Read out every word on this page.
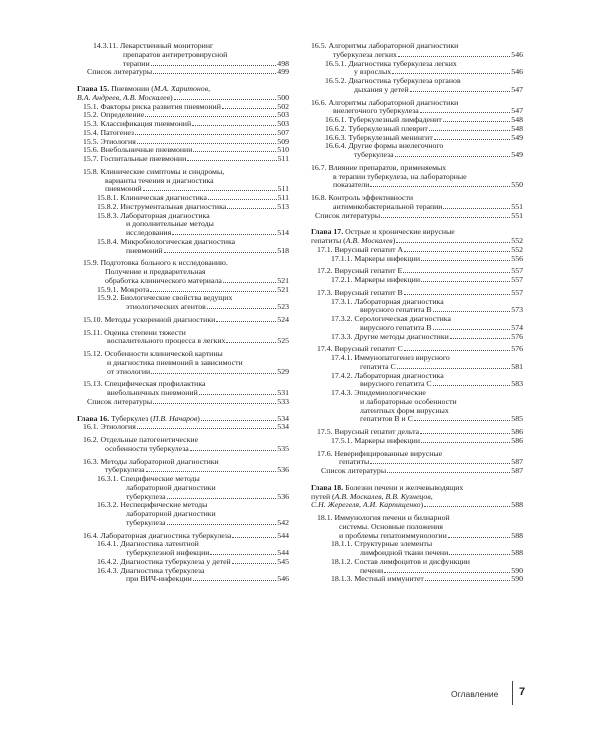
14.3.11. Лекарственный мониторинг
препаратов антиретровирусной
терапии	498
Список литературы	499
Глава 15. Пневмонии (М.А. Харитонов,
В.А. Андреев, А.В. Москалев)	500
15.1. Факторы риска развития пневмоний	502
15.2. Определение	503
15.3. Классификация пневмоний	503
15.4. Патогенез	507
15.5. Этиология	509
15.6. Внебольничные пневмонии	510
15.7. Госпитальные пневмонии	511
15.8. Клинические симптомы и синдромы,
варианты течения и диагностика
пневмоний	511
15.8.1. Клиническая диагностика	511
15.8.2. Инструментальная диагностика	513
15.8.3. Лабораторная диагностика
и дополнительные методы
исследования	514
15.8.4. Микробиологическая диагностика
пневмоний	518
15.9. Подготовка больного к исследованию.
Получение и предварительная
обработка клинического материала	521
15.9.1. Мокрота	521
15.9.2. Биологические свойства ведущих
этиологических агентов	523
15.10. Методы ускоренной диагностики	524
15.11. Оценка степени тяжести
воспалительного процесса в легких	525
15.12. Особенности клинической картины
и диагностика пневмоний в зависимости
от этиологии	529
15.13. Специфическая профилактика
внебольничных пневмоний	531
Список литературы	533
Глава 16. Туберкулез (П.В. Начаров)	534
16.1. Этиология	534
16.2. Отдельные патогенетические
особенности туберкулеза	535
16.3. Методы лабораторной диагностики
туберкулеза	536
16.3.1. Специфические методы
лабораторной диагностики
туберкулеза	536
16.3.2. Неспецифические методы
лабораторной диагностики
туберкулеза	542
16.4. Лабораторная диагностика туберкулеза	544
16.4.1. Диагностика латентной
туберкулезной инфекции	544
16.4.2. Диагностика туберкулеза у детей	545
16.4.3. Диагностика туберкулеза
при ВИЧ-инфекции	546
16.5. Алгоритмы лабораторной диагностики
туберкулеза легких	546
16.5.1. Диагностика туберкулеза легких
у взрослых	546
16.5.2. Диагностика туберкулеза органов
дыхания у детей	547
16.6. Алгоритмы лабораторной диагностики
внелегочного туберкулеза	547
16.6.1. Туберкулезный лимфаденит	548
16.6.2. Туберкулезный плеврит	548
16.6.3. Туберкулезный менингит	549
16.6.4. Другие формы внелегочного
туберкулеза	549
16.7. Влияние препаратов, применяемых
в терапии туберкулеза, на лабораторные
показатели	550
16.8. Контроль эффективности
антимикобактериальной терапии	551
Список литературы	551
Глава 17. Острые и хронические вирусные
гепатиты (А.В. Москалев)	552
17.1. Вирусный гепатит А	552
17.1.1. Маркеры инфекции	556
17.2. Вирусный гепатит Е	557
17.2.1. Маркеры инфекции	557
17.3. Вирусный гепатит В	557
17.3.1. Лабораторная диагностика
вирусного гепатита В	573
17.3.2. Серологическая диагностика
вирусного гепатита В	574
17.3.3. Другие методы диагностики	576
17.4. Вирусный гепатит С	576
17.4.1. Иммунопатогенез вирусного
гепатита С	581
17.4.2. Лабораторная диагностика
вирусного гепатита С	583
17.4.3. Эпидемиологические
и лабораторные особенности
латентных форм вирусных
гепатитов В и С	585
17.5. Вирусный гепатит дельта	586
17.5.1. Маркеры инфекции	586
17.6. Неверифицированные вирусные
гепатиты	587
Список литературы	587
Глава 18. Болезни печени и желчевыводящих
путей (А.В. Москалев, В.В. Кузнецов,
С.Н. Жерегеля, А.И. Карпищенко)	588
18.1. Иммунология печени и билиарной
системы. Основные положения
и проблемы гепатоиммунологии	588
18.1.1. Структурные элементы
лимфоидной ткани печени	588
18.1.2. Состав лимфоцитов и дисфункции
печени	590
18.1.3. Местный иммунитет	590
Оглавление 7
